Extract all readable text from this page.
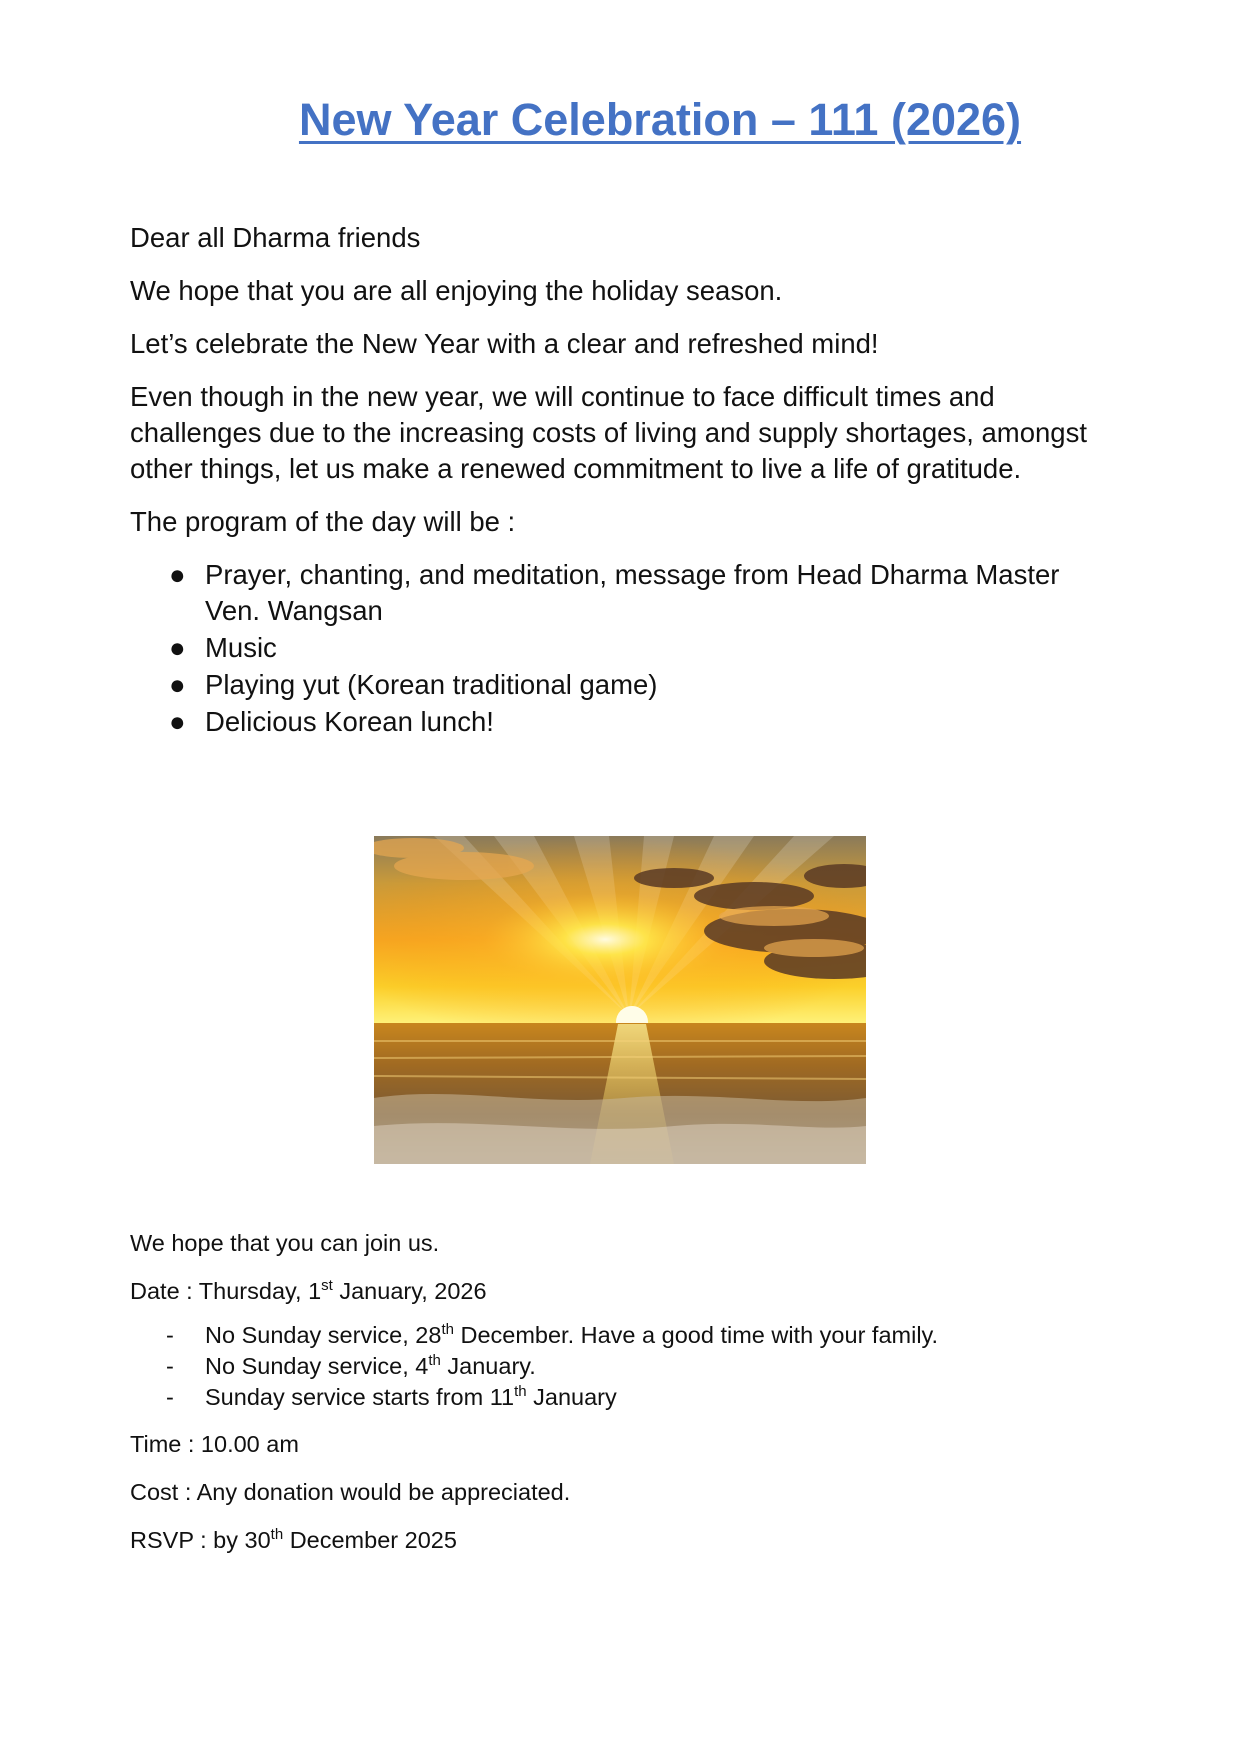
New Year Celebration – 111 (2026)

Dear all Dharma friends

We hope that you are all enjoying the holiday season.

Let’s celebrate the New Year with a clear and refreshed mind!

Even though in the new year, we will continue to face difficult times and challenges due to the increasing costs of living and supply shortages, amongst other things, let us make a renewed commitment to live a life of gratitude.

The program of the day will be :

● Prayer, chanting, and meditation, message from Head Dharma Master Ven. Wangsan
● Music
● Playing yut (Korean traditional game)
● Delicious Korean lunch!

We hope that you can join us.

Date : Thursday, 1st January, 2026

- No Sunday service, 28th December. Have a good time with your family.
- No Sunday service, 4th January.
- Sunday service starts from 11th January

Time : 10.00 am

Cost : Any donation would be appreciated.

RSVP : by 30th December 2025
